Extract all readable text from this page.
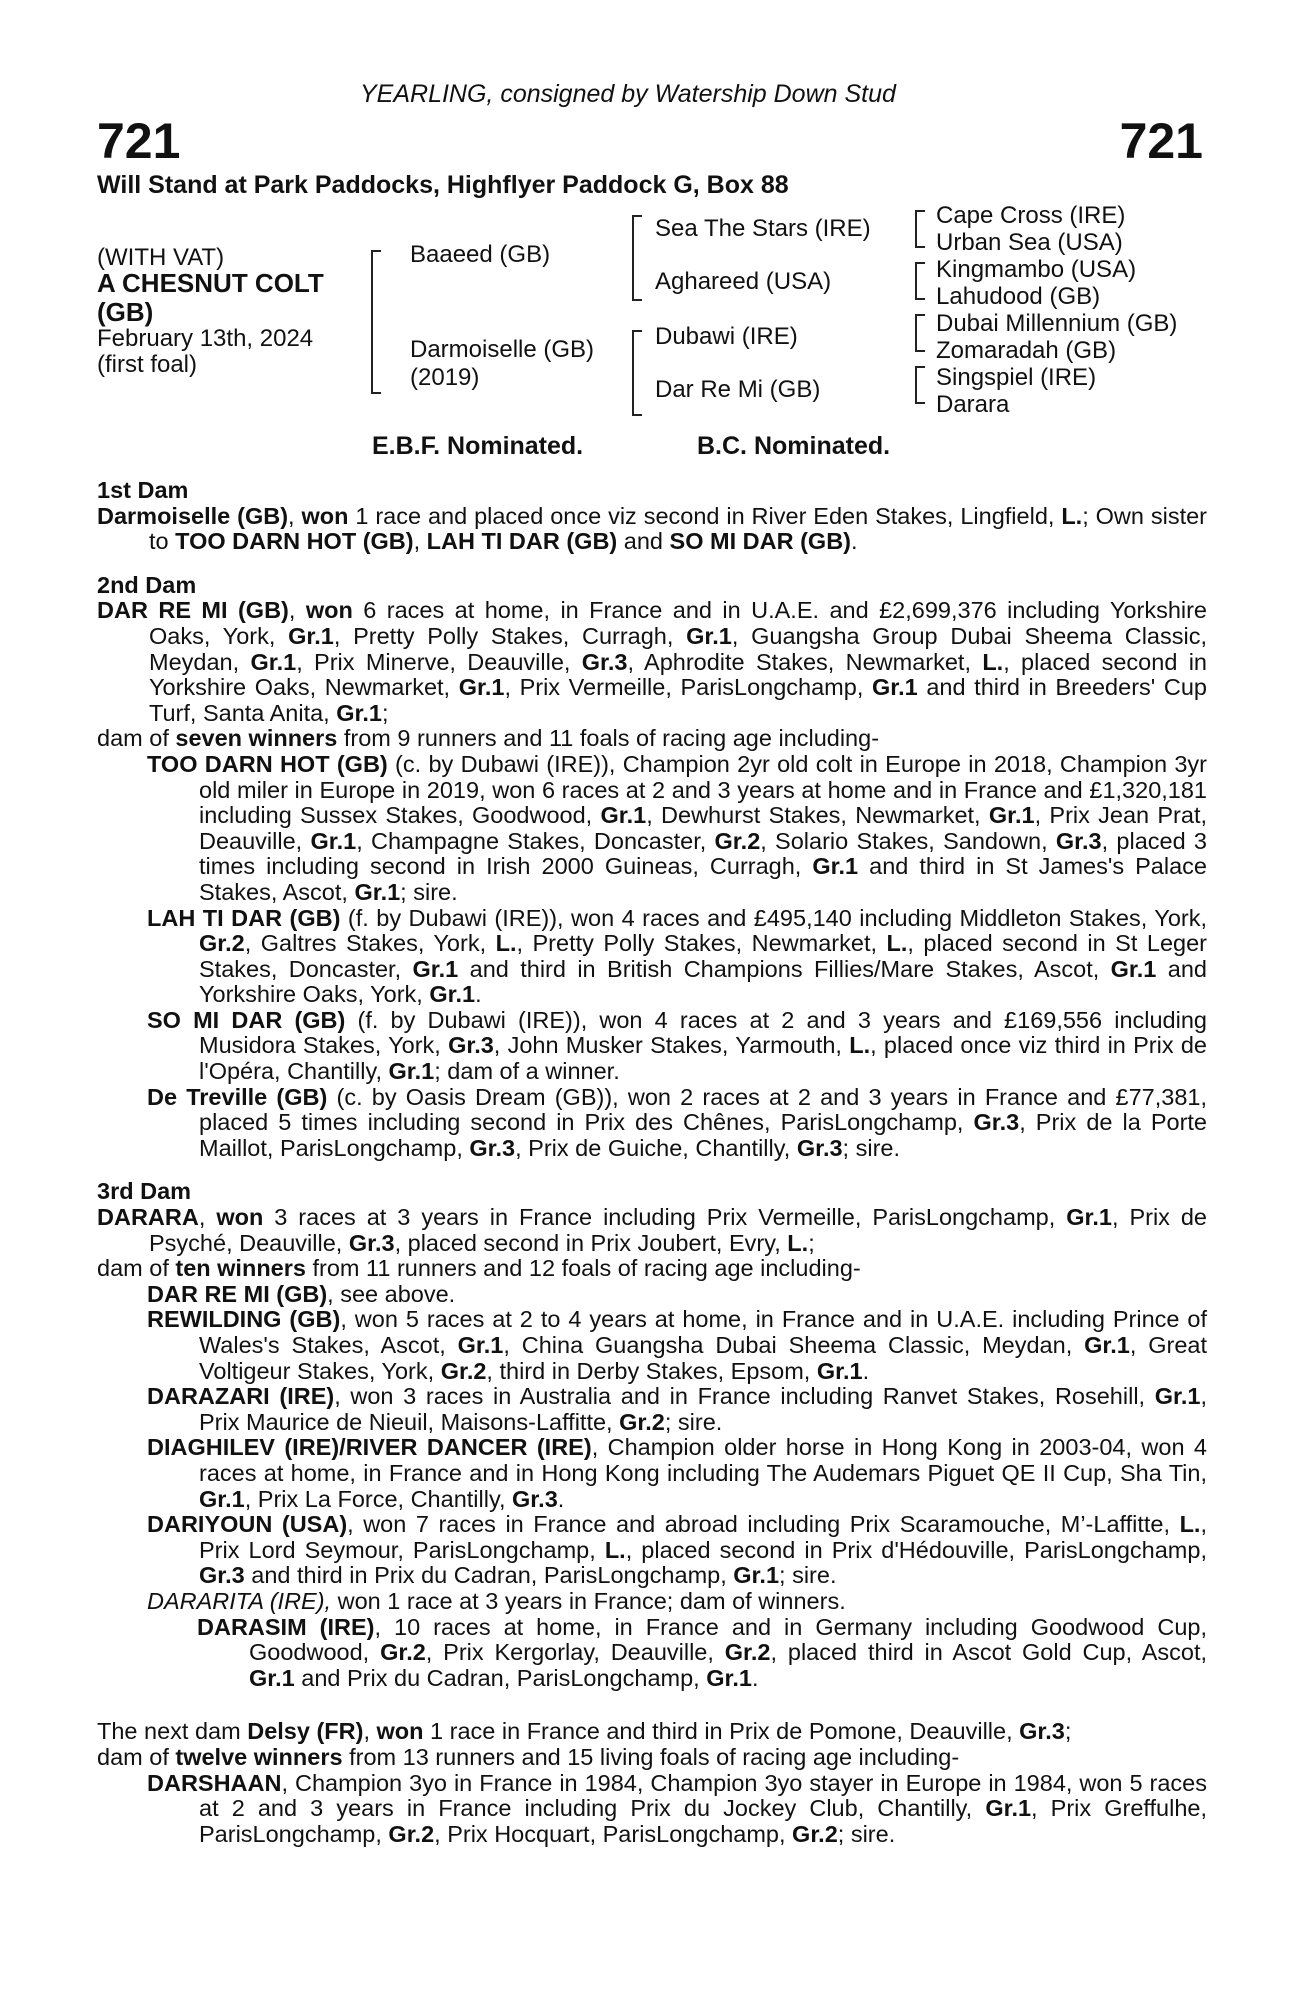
721	721
YEARLING, consigned by Watership Down Stud
Will Stand at Park Paddocks, Highflyer Paddock G, Box 88
(WITH VAT)
A CHESNUT COLT
(GB)
February 13th, 2024
(first foal)
Baaeed (GB)
Darmoiselle (GB)
(2019)
Sea The Stars (IRE)
Aghareed (USA)
Dubawi (IRE)
Dar Re Mi (GB)
Cape Cross (IRE)
Urban Sea (USA)
Kingmambo (USA)
Lahudood (GB)
Dubai Millennium (GB)
Zomaradah (GB)
Singspiel (IRE)
Darara
E.B.F. Nominated.	B.C. Nominated.

1st Dam

Darmoiselle (GB), won 1 race and placed once viz second in River Eden Stakes, Lingfield, L.; Own sister to TOO DARN HOT (GB), LAH TI DAR (GB) and SO MI DAR (GB).

2nd Dam

DAR RE MI (GB), won 6 races at home, in France and in U.A.E. and £2,699,376 including Yorkshire Oaks, York, Gr.1, Pretty Polly Stakes, Curragh, Gr.1, Guangsha Group Dubai Sheema Classic, Meydan, Gr.1, Prix Minerve, Deauville, Gr.3, Aphrodite Stakes, Newmarket, L., placed second in Yorkshire Oaks, Newmarket, Gr.1, Prix Vermeille, ParisLongchamp, Gr.1 and third in Breeders' Cup Turf, Santa Anita, Gr.1;

dam of seven winners from 9 runners and 11 foals of racing age including-

TOO DARN HOT (GB) (c. by Dubawi (IRE)), Champion 2yr old colt in Europe in 2018, Champion 3yr old miler in Europe in 2019, won 6 races at 2 and 3 years at home and in France and £1,320,181 including Sussex Stakes, Goodwood, Gr.1, Dewhurst Stakes, Newmarket, Gr.1, Prix Jean Prat, Deauville, Gr.1, Champagne Stakes, Doncaster, Gr.2, Solario Stakes, Sandown, Gr.3, placed 3 times including second in Irish 2000 Guineas, Curragh, Gr.1 and third in St James's Palace Stakes, Ascot, Gr.1; sire.

LAH TI DAR (GB) (f. by Dubawi (IRE)), won 4 races and £495,140 including Middleton Stakes, York, Gr.2, Galtres Stakes, York, L., Pretty Polly Stakes, Newmarket, L., placed second in St Leger Stakes, Doncaster, Gr.1 and third in British Champions Fillies/Mare Stakes, Ascot, Gr.1 and Yorkshire Oaks, York, Gr.1.

SO MI DAR (GB) (f. by Dubawi (IRE)), won 4 races at 2 and 3 years and £169,556 including Musidora Stakes, York, Gr.3, John Musker Stakes, Yarmouth, L., placed once viz third in Prix de l'Opéra, Chantilly, Gr.1; dam of a winner.

De Treville (GB) (c. by Oasis Dream (GB)), won 2 races at 2 and 3 years in France and £77,381, placed 5 times including second in Prix des Chênes, ParisLongchamp, Gr.3, Prix de la Porte Maillot, ParisLongchamp, Gr.3, Prix de Guiche, Chantilly, Gr.3; sire.

3rd Dam

DARARA, won 3 races at 3 years in France including Prix Vermeille, ParisLongchamp, Gr.1, Prix de Psyché, Deauville, Gr.3, placed second in Prix Joubert, Evry, L.;

dam of ten winners from 11 runners and 12 foals of racing age including-

DAR RE MI (GB), see above.

REWILDING (GB), won 5 races at 2 to 4 years at home, in France and in U.A.E. including Prince of Wales's Stakes, Ascot, Gr.1, China Guangsha Dubai Sheema Classic, Meydan, Gr.1, Great Voltigeur Stakes, York, Gr.2, third in Derby Stakes, Epsom, Gr.1.

DARAZARI (IRE), won 3 races in Australia and in France including Ranvet Stakes, Rosehill, Gr.1, Prix Maurice de Nieuil, Maisons-Laffitte, Gr.2; sire.

DIAGHILEV (IRE)/RIVER DANCER (IRE), Champion older horse in Hong Kong in 2003-04, won 4 races at home, in France and in Hong Kong including The Audemars Piguet QE II Cup, Sha Tin, Gr.1, Prix La Force, Chantilly, Gr.3.

DARIYOUN (USA), won 7 races in France and abroad including Prix Scaramouche, M’-Laffitte, L., Prix Lord Seymour, ParisLongchamp, L., placed second in Prix d'Hédouville, ParisLongchamp, Gr.3 and third in Prix du Cadran, ParisLongchamp, Gr.1; sire.

DARARITA (IRE), won 1 race at 3 years in France; dam of winners.

DARASIM (IRE), 10 races at home, in France and in Germany including Goodwood Cup, Goodwood, Gr.2, Prix Kergorlay, Deauville, Gr.2, placed third in Ascot Gold Cup, Ascot, Gr.1 and Prix du Cadran, ParisLongchamp, Gr.1.

The next dam Delsy (FR), won 1 race in France and third in Prix de Pomone, Deauville, Gr.3;

dam of twelve winners from 13 runners and 15 living foals of racing age including-

DARSHAAN, Champion 3yo in France in 1984, Champion 3yo stayer in Europe in 1984, won 5 races at 2 and 3 years in France including Prix du Jockey Club, Chantilly, Gr.1, Prix Greffulhe, ParisLongchamp, Gr.2, Prix Hocquart, ParisLongchamp, Gr.2; sire.
